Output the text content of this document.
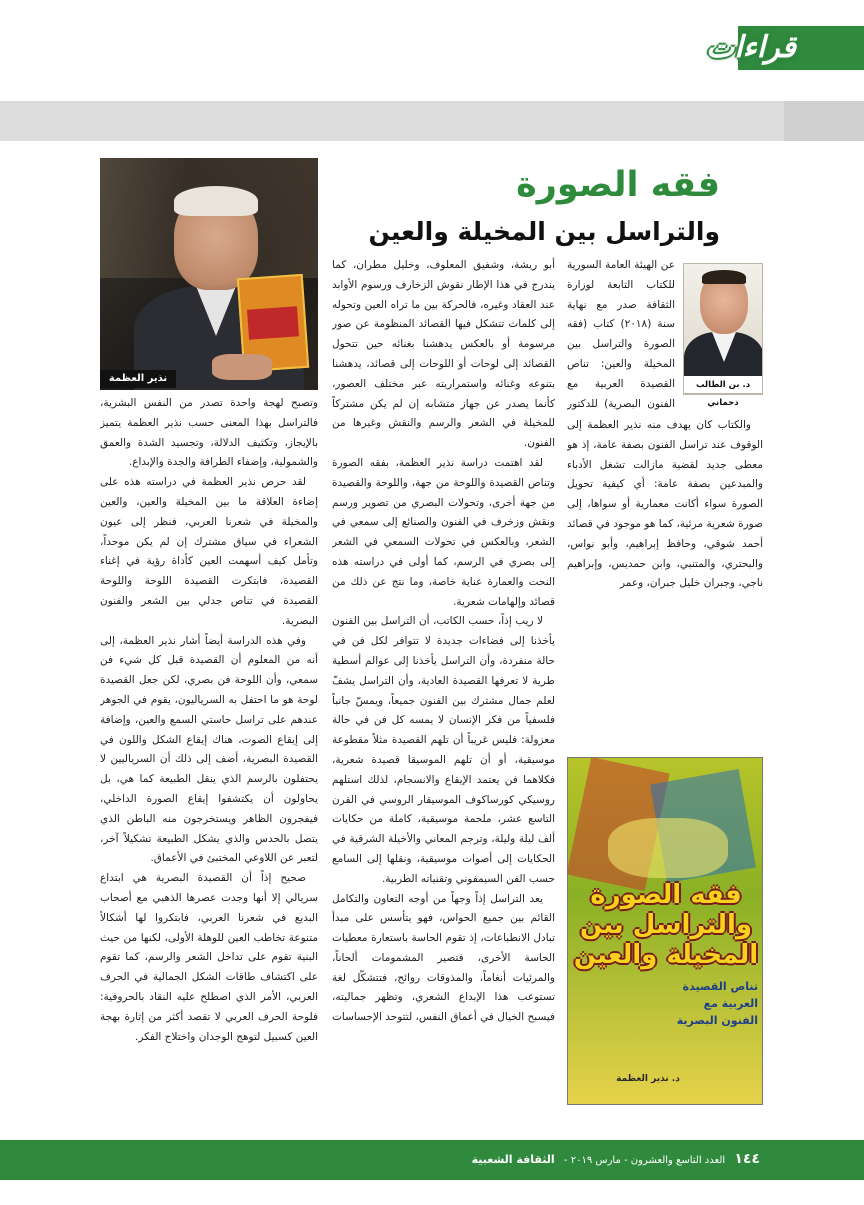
قراءات
نذير العظمة
فقه الصورة
والتراسل بين المخيلة والعين
د. بن الطالب دحماني

عن الهيئة العامة السورية للكتاب التابعة لوزارة الثقافة صدر مع نهاية سنة (٢٠١٨) كتاب (فقه الصورة والتراسل بين المخيلة والعين: تناص القصيدة العربية مع الفنون البصرية) للدكتور

والكتاب كان يهدف منه نذير العظمة إلى الوقوف عند تراسل الفنون بصفة عامة، إذ هو معطى جديد لقضية مازالت تشغل الأدباء والمبدعين بصفة عامة: أي كيفية تحويل الصورة سواء أكانت معمارية أو سواها، إلى صورة شعرية مرئية، كما هو موجود في قصائد أحمد شوقي، وحافظ إبراهيم، وأبو نواس، والبحتري، والمتنبي، وابن حمديس، وإبراهيم ناجي، وجبران خليل جبران، وعمر

أبو ريشة، وشفيق المعلوف، وخليل مطران، كما يندرج في هذا الإطار نقوش الزخارف ورسوم الأوابد عند العقاد وغيره، فالحركة بين ما تراه العين وتحوله إلى كلمات تتشكل فيها القصائد المنظومة عن صور مرسومة أو بالعكس يدهشنا بغنائه حين تتحول القصائد إلى لوحات أو اللوحات إلى قصائد، يدهشنا بتنوعه وغنائه واستمراريته عبر مختلف العصور، كأنما يصدر عن جهاز متشابه إن لم يكن مشتركاً للمخيلة في الشعر والرسم والنقش وغيرها من الفنون.

لقد اهتمت دراسة نذير العظمة، بفقه الصورة وتناص القصيدة واللوحة من جهة، واللوحة والقصيدة من جهة أخرى، وتحولات البصري من تصوير ورسم ونقش وزخرف في الفنون والصنائع إلى سمعي في الشعر، وبالعكس في تحولات السمعي في الشعر إلى بصري في الرسم، كما أولى في دراسته هذه النحت والعمارة عناية خاصة، وما نتج عن ذلك من قصائد وإلهامات شعرية.

لا ريب إذاً، حسب الكاتب، أن التراسل بين الفنون يأخذنا إلى فضاءات جديدة لا تتوافر لكل فن في حالة منفردة، وأن التراسل يأخذنا إلى عوالم أسطية طرية لا تعرفها القصيدة العادية، وأن التراسل يشفّ لعلم جمال مشترك بين الفنون جميعاً، ويمسّ جانباً فلسفياً من فكر الإنسان لا يمسه كل فن في حالة معزولة: فليس غريباً أن تلهم القصيدة مثلاً مقطوعة موسيقية، أو أن تلهم الموسيقا قصيدة شعرية، فكلاهما فن يعتمد الإيقاع والانسجام، لذلك استلهم روسيكي كورساكوف الموسيقار الروسي في القرن التاسع عشر، ملحمة موسيقية، كاملة من حكايات ألف ليلة وليلة، وترجم المعاني والأخيلة الشرقية في الحكايات إلى أصوات موسيقية، ونقلها إلى السامع حسب الفن السيمفوني وتقنياته الطربية.

يعد التراسل إذاً وجهاً من أوجه التعاون والتكامل القائم بين جميع الحواس، فهو يتأسس على مبدأ تبادل الانطباعات، إذ تقوم الحاسة باستعارة معطيات الحاسة الأخرى، فتصير المشمومات ألحاناً، والمرئيات أنغاماً، والمذوقات روائح، فتتشكّل لغة تستوعب هذا الإبداع الشعري، وتظهر جماليته، فيسبح الخيال في أعماق النفس، لتتوحد الإحساسات

وتصبح لهجة واحدة تصدر من النفس البشرية، فالتراسل بهذا المعنى حسب نذير العظمة يتميز بالإيجاز، وتكثيف الدلالة، وتجسيد الشدة والعمق والشمولية، وإضفاء الطرافة والجدة والإبداع.

لقد حرص نذير العظمة في دراسته هذه على إضاءة العلاقة ما بين المخيلة والعين، والعين والمخيلة في شعرنا العربي، فنظر إلى عيون الشعراء في سياق مشترك إن لم يكن موحداً، وتأمل كيف أسهمت العين كأداة رؤية في إغناء القصيدة، فابتكرت القصيدة اللوحة واللوحة القصيدة في تناص جدلي بين الشعر والفنون البصرية.

وفي هذه الدراسة أيضاً أشار نذير العظمة، إلى أنه من المعلوم أن القصيدة قبل كل شيء فن سمعي، وأن اللوحة فن بصري، لكن جعل القصيدة لوحة هو ما احتفل به السرياليون، يقوم في الجوهر عندهم على تراسل حاستي السمع والعين، وإضافة إلى إيقاع الصوت، هناك إيقاع الشكل واللون في القصيدة البصرية، أضف إلى ذلك أن السرياليين لا يحتفلون بالرسم الذي ينقل الطبيعة كما هي، بل يحاولون أن يكتشفوا إيقاع الصورة الداخلي، فيفجرون الظاهر ويستخرجون منه الباطن الذي يتصل بالحدس والذي يشكل الطبيعة تشكيلاً آخر، لتعبر عن اللاوعي المختبئ في الأعماق.

صحيح إذاً أن القصيدة البصرية هي ابتداع سريالي إلا أنها وجدت عصرها الذهبي مع أصحاب البديع في شعرنا العربي، فابتكروا لها أشكالاً متنوعة تخاطب العين للوهلة الأولى، لكنها من حيث البنية تقوم على تداخل الشعر والرسم، كما تقوم على اكتشاف طاقات الشكل الجمالية في الحرف العربي، الأمر الذي اصطلح عليه النقاد بالحروفية: فلوحة الحرف العربي لا تقصد أكثر من إثارة بهجة العين كسبيل لتوهج الوجدان واختلاج الفكر.

فقه الصورة والتراسل بين المخيلة والعين
تناص القصيدة العربية مع الفنون البصرية
د. نذير العظمة
١٤٤ العدد التاسع والعشرون - مارس ٢٠١٩ - الثقافة الشعبية
